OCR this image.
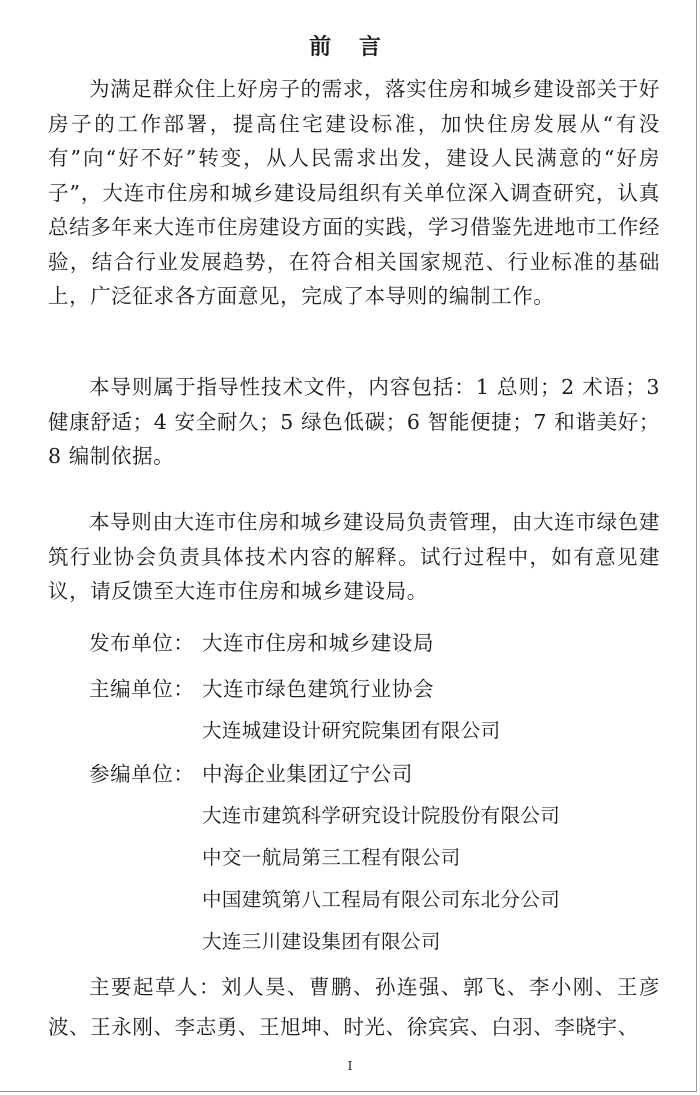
前 言

为满足群众住上好房子的需求，落实住房和城乡建设部关于好房子的工作部署，提高住宅建设标准，加快住房发展从“有没有”向“好不好”转变，从人民需求出发，建设人民满意的“好房子”，大连市住房和城乡建设局组织有关单位深入调查研究，认真总结多年来大连市住房建设方面的实践，学习借鉴先进地市工作经验，结合行业发展趋势，在符合相关国家规范、行业标准的基础上，广泛征求各方面意见，完成了本导则的编制工作。

本导则属于指导性技术文件，内容包括：1 总则；2 术语；3 健康舒适；4 安全耐久；5 绿色低碳；6 智能便捷；7 和谐美好；8 编制依据。

本导则由大连市住房和城乡建设局负责管理，由大连市绿色建筑行业协会负责具体技术内容的解释。试行过程中，如有意见建议，请反馈至大连市住房和城乡建设局。

发布单位： 大连市住房和城乡建设局
主编单位： 大连市绿色建筑行业协会
大连城建设计研究院集团有限公司
参编单位： 中海企业集团辽宁公司
大连市建筑科学研究设计院股份有限公司
中交一航局第三工程有限公司
中国建筑第八工程局有限公司东北分公司
大连三川建设集团有限公司

主要起草人：刘人昊、曹鹏、孙连强、郭飞、李小刚、王彦波、王永刚、李志勇、王旭坤、时光、徐宾宾、白羽、李晓宇、

I
